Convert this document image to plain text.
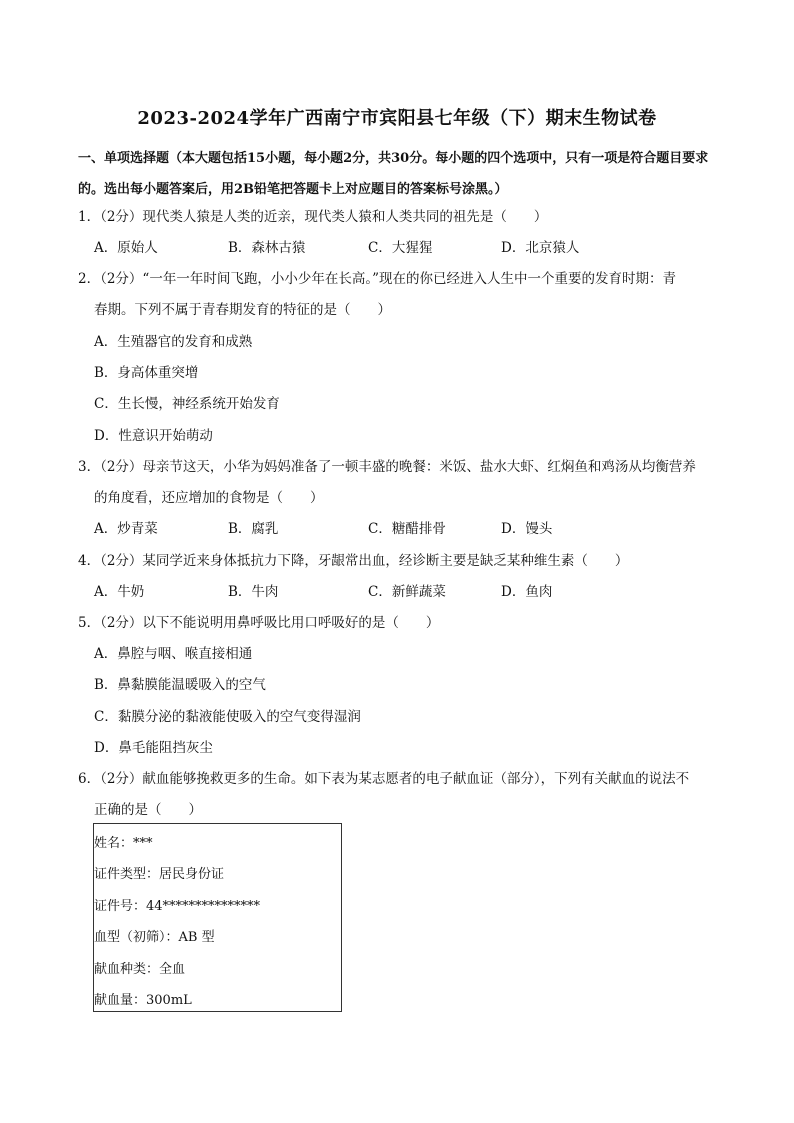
2023-2024学年广西南宁市宾阳县七年级（下）期末生物试卷
一、单项选择题（本大题包括15小题，每小题2分，共30分。每小题的四个选项中，只有一项是符合题目要求的。选出每小题答案后，用2B铅笔把答题卡上对应题目的答案标号涂黑。）
1．（2分）现代类人猿是人类的近亲，现代类人猿和人类共同的祖先是（　　）
A．原始人	B．森林古猿	C．大猩猩	D．北京猿人
2．（2分）“一年一年时间飞跑，小小少年在长高。”现在的你已经进入人生中一个重要的发育时期：青
春期。下列不属于青春期发育的特征的是（　　）
A．生殖器官的发育和成熟
B．身高体重突增
C．生长慢，神经系统开始发育
D．性意识开始萌动
3．（2分）母亲节这天，小华为妈妈准备了一顿丰盛的晚餐：米饭、盐水大虾、红焖鱼和鸡汤从均衡营养
的角度看，还应增加的食物是（　　）
A．炒青菜	B．腐乳	C．糖醋排骨	D．馒头
4．（2分）某同学近来身体抵抗力下降，牙龈常出血，经诊断主要是缺乏某种维生素（　　）
A．牛奶	B．牛肉	C．新鲜蔬菜	D．鱼肉
5．（2分）以下不能说明用鼻呼吸比用口呼吸好的是（　　）
A．鼻腔与咽、喉直接相通
B．鼻黏膜能温暖吸入的空气
C．黏膜分泌的黏液能使吸入的空气变得湿润
D．鼻毛能阻挡灰尘
6．（2分）献血能够挽救更多的生命。如下表为某志愿者的电子献血证（部分），下列有关献血的说法不
正确的是（　　）
姓名：***
证件类型：居民身份证
证件号：44***************
血型（初筛）：AB 型
献血种类：全血
献血量：300mL
